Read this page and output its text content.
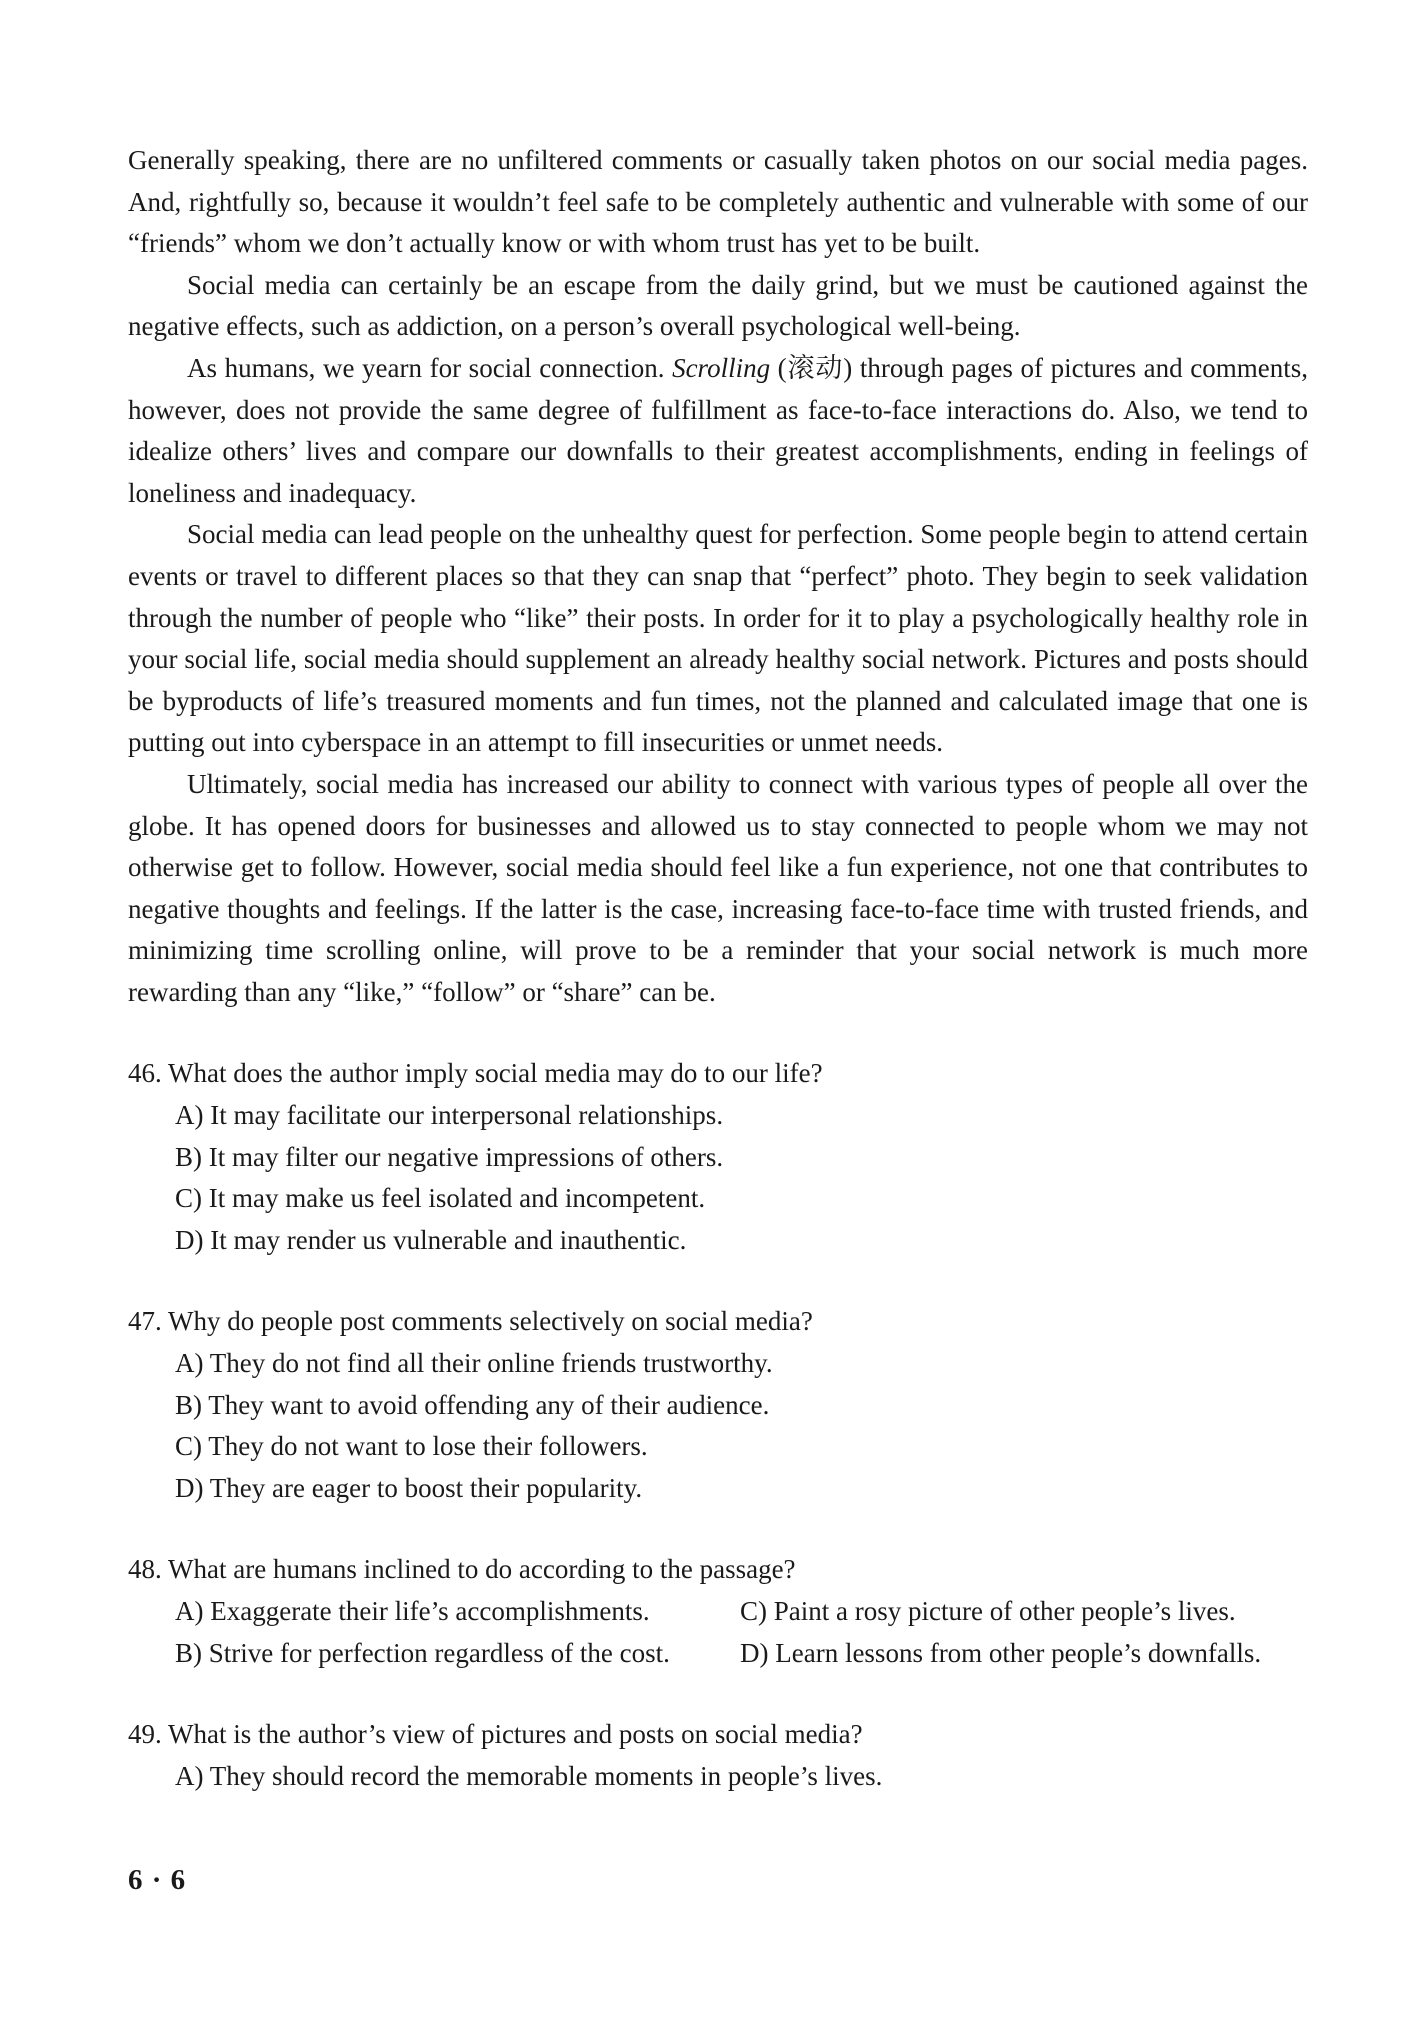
Generally speaking, there are no unfiltered comments or casually taken photos on our social media pages. And, rightfully so, because it wouldn’t feel safe to be completely authentic and vulnerable with some of our “friends” whom we don’t actually know or with whom trust has yet to be built.

Social media can certainly be an escape from the daily grind, but we must be cautioned against the negative effects, such as addiction, on a person’s overall psychological well-being.

As humans, we yearn for social connection. Scrolling (滚动) through pages of pictures and comments, however, does not provide the same degree of fulfillment as face-to-face interactions do. Also, we tend to idealize others’ lives and compare our downfalls to their greatest accomplishments, ending in feelings of loneliness and inadequacy.

Social media can lead people on the unhealthy quest for perfection. Some people begin to attend certain events or travel to different places so that they can snap that “perfect” photo. They begin to seek validation through the number of people who “like” their posts. In order for it to play a psychologically healthy role in your social life, social media should supplement an already healthy social network. Pictures and posts should be byproducts of life’s treasured moments and fun times, not the planned and calculated image that one is putting out into cyberspace in an attempt to fill insecurities or unmet needs.

Ultimately, social media has increased our ability to connect with various types of people all over the globe. It has opened doors for businesses and allowed us to stay connected to people whom we may not otherwise get to follow. However, social media should feel like a fun experience, not one that contributes to negative thoughts and feelings. If the latter is the case, increasing face-to-face time with trusted friends, and minimizing time scrolling online, will prove to be a reminder that your social network is much more rewarding than any “like,” “follow” or “share” can be.

46. What does the author imply social media may do to our life?

A) It may facilitate our interpersonal relationships.

B) It may filter our negative impressions of others.

C) It may make us feel isolated and incompetent.

D) It may render us vulnerable and inauthentic.

47. Why do people post comments selectively on social media?

A) They do not find all their online friends trustworthy.

B) They want to avoid offending any of their audience.

C) They do not want to lose their followers.

D) They are eager to boost their popularity.

48. What are humans inclined to do according to the passage?

A) Exaggerate their life’s accomplishments.	C) Paint a rosy picture of other people’s lives.

B) Strive for perfection regardless of the cost.	D) Learn lessons from other people’s downfalls.

49. What is the author’s view of pictures and posts on social media?

A) They should record the memorable moments in people’s lives.

6 · 6
